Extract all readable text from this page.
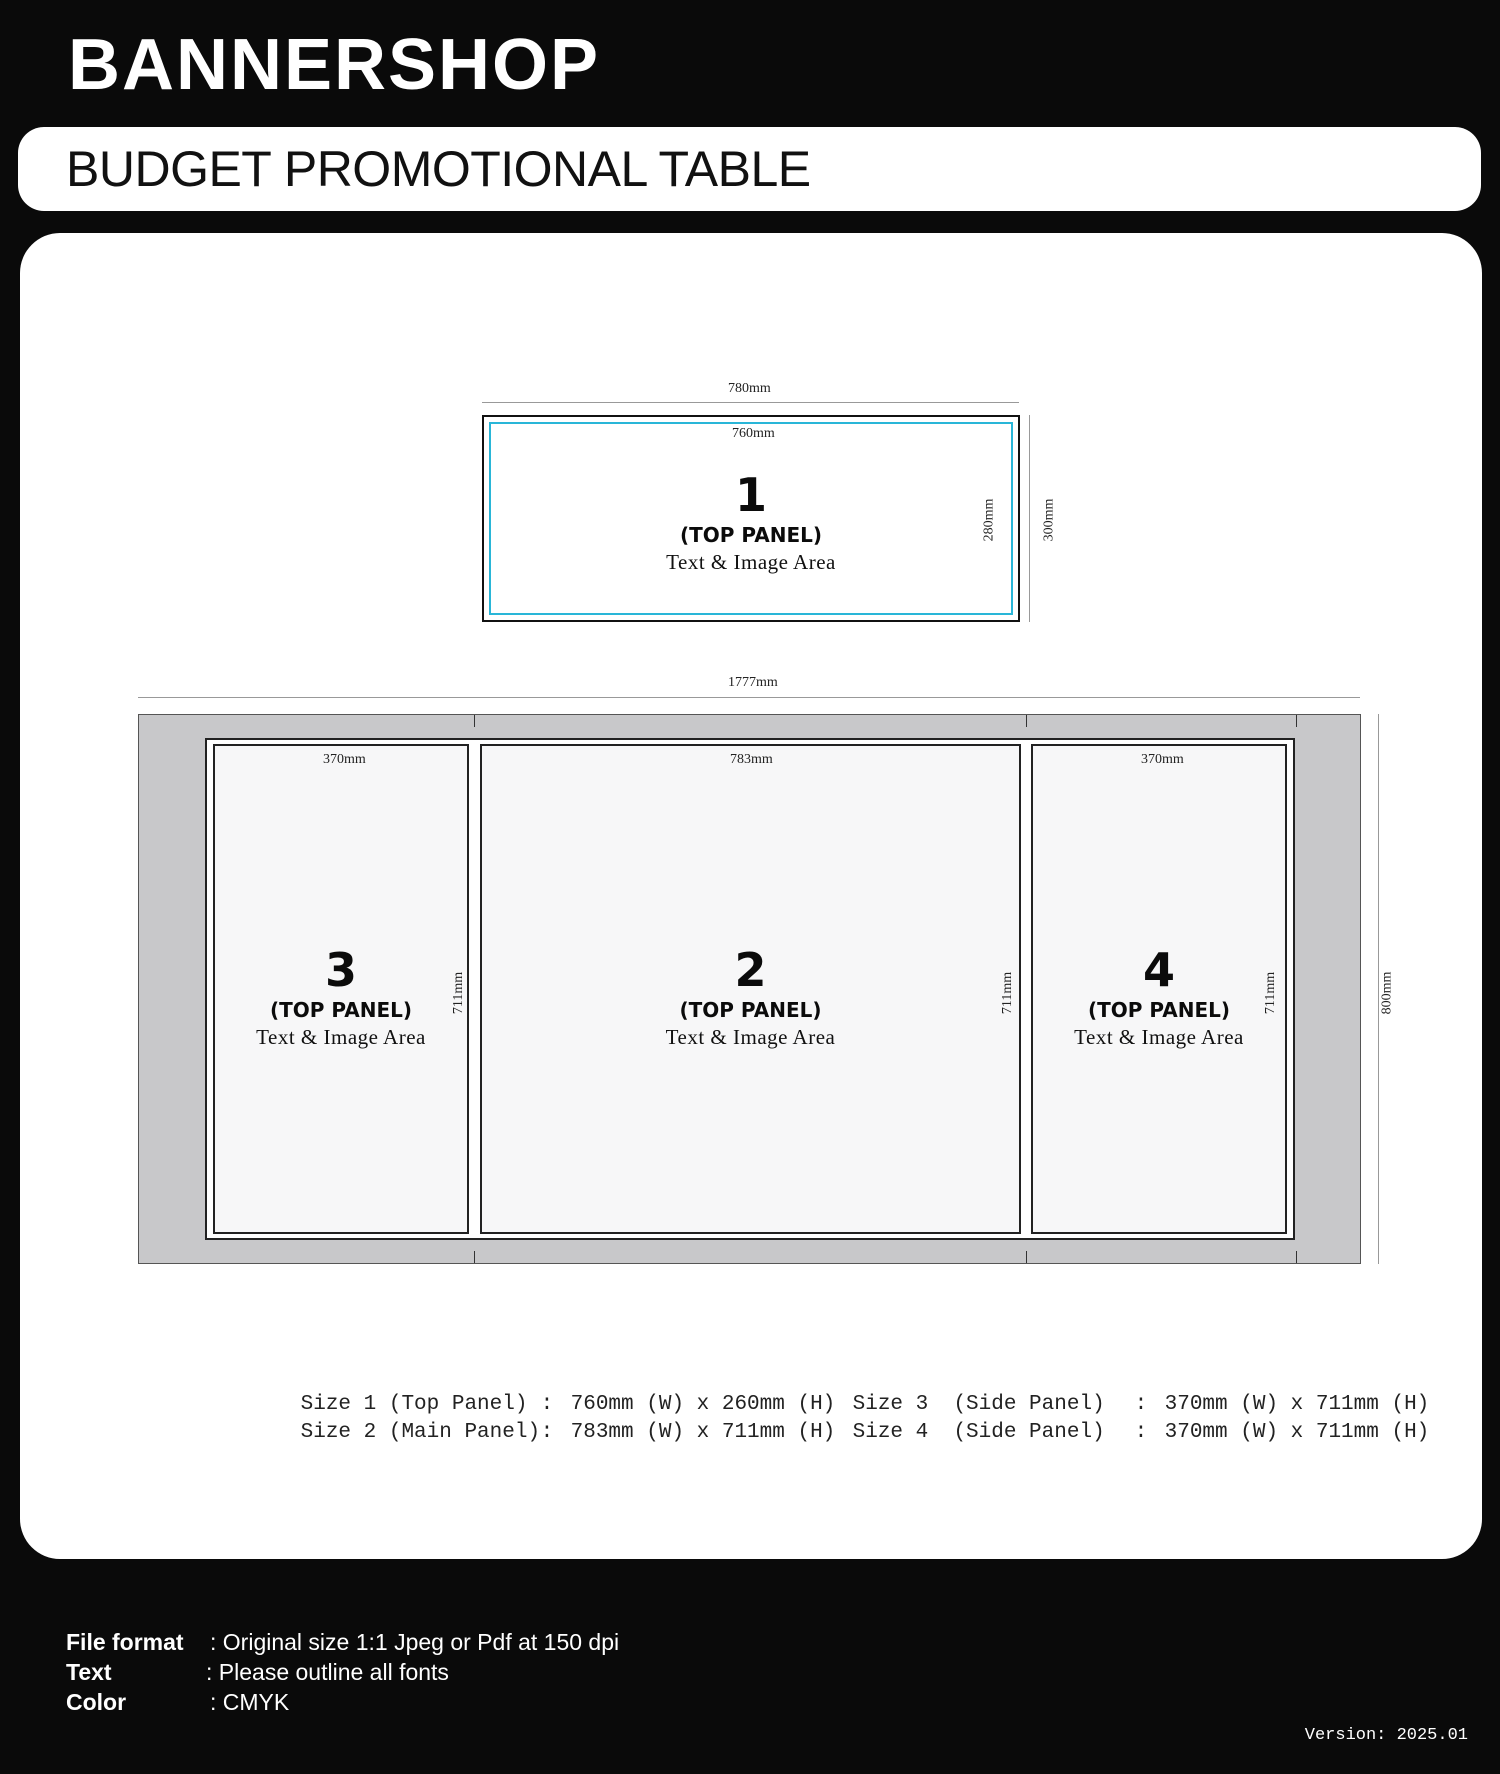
BANNERSHOP
BUDGET PROMOTIONAL TABLE
780mm
760mm
1
(TOP PANEL)
Text & Image Area
280mm	300mm
1777mm
370mm
3
(TOP PANEL)
Text & Image Area
711mm
783mm
2
(TOP PANEL)
Text & Image Area
711mm
370mm
4
(TOP PANEL)
Text & Image Area
711mm	800mm

Size 1 (Top Panel) : 760mm (W) x 260mm (H) Size 3  (Side Panel) : 370mm (W) x 711mm (H)

Size 2 (Main Panel): 783mm (W) x 711mm (H) Size 4  (Side Panel) : 370mm (W) x 711mm (H)

File format	: Original size 1:1 Jpeg or Pdf at 150 dpi
Text	: Please outline all fonts
Color	: CMYK
Version: 2025.01
